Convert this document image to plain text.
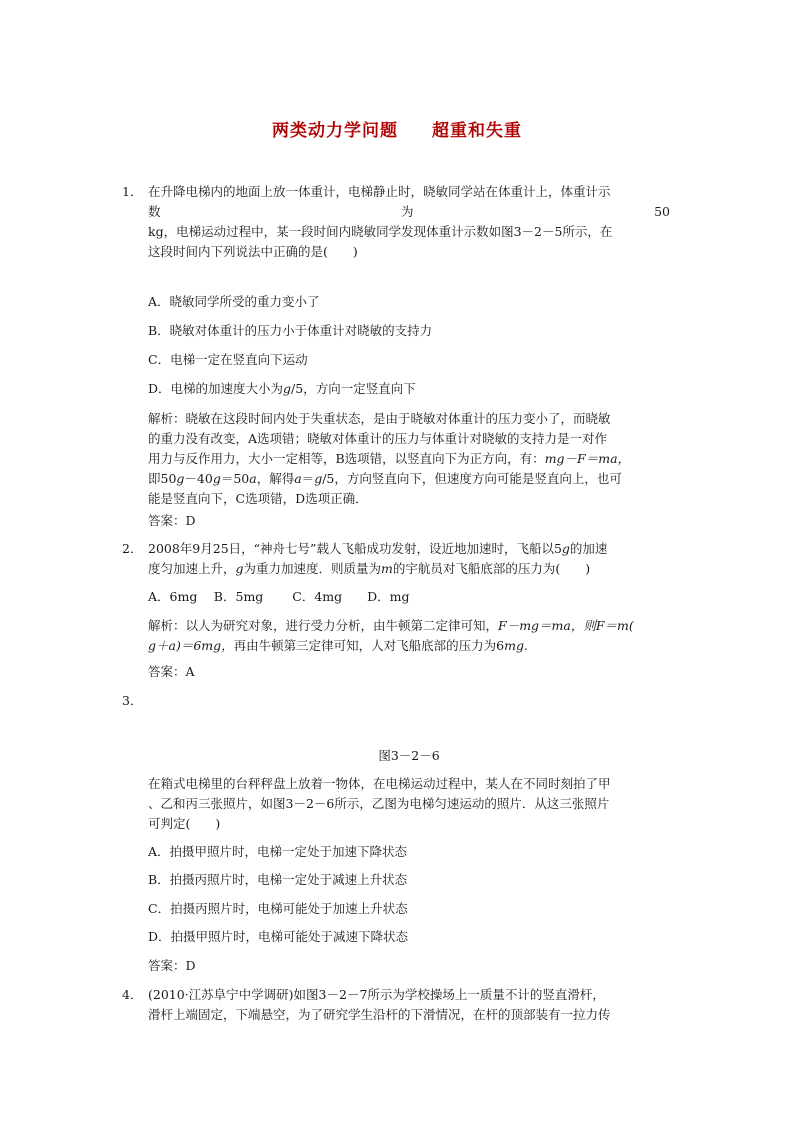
两类动力学问题 超重和失重
1． 在升降电梯内的地面上放一体重计，电梯静止时，晓敏同学站在体重计上，体重计示
数	为	50
kg，电梯运动过程中，某一段时间内晓敏同学发现体重计示数如图3－2－5所示，在
这段时间内下列说法中正确的是(　　)
A．晓敏同学所受的重力变小了
B．晓敏对体重计的压力小于体重计对晓敏的支持力
C．电梯一定在竖直向下运动
D．电梯的加速度大小为g/5，方向一定竖直向下
解析：晓敏在这段时间内处于失重状态，是由于晓敏对体重计的压力变小了，而晓敏
的重力没有改变，A选项错；晓敏对体重计的压力与体重计对晓敏的支持力是一对作
用力与反作用力，大小一定相等，B选项错，以竖直向下为正方向，有：mg－F＝ma，
即50g－40g＝50a，解得a＝g/5，方向竖直向下，但速度方向可能是竖直向上，也可
能是竖直向下，C选项错，D选项正确．
答案：D
2． 2008年9月25日，“神舟七号”载人飞船成功发射，设近地加速时，飞船以5g的加速
度匀加速上升，g为重力加速度．则质量为m的宇航员对飞船底部的压力为(　　)
A．6mg　 B．5mg　　 C．4mg　　D．mg
解析：以人为研究对象，进行受力分析，由牛顿第二定律可知，F－mg＝ma，则F＝m(
g＋a)＝6mg，再由牛顿第三定律可知，人对飞船底部的压力为6mg.
答案：A
3．
图3－2－6
在箱式电梯里的台秤秤盘上放着一物体，在电梯运动过程中，某人在不同时刻拍了甲
、乙和丙三张照片，如图3－2－6所示，乙图为电梯匀速运动的照片．从这三张照片
可判定(　　)
A．拍摄甲照片时，电梯一定处于加速下降状态
B．拍摄丙照片时，电梯一定处于减速上升状态
C．拍摄丙照片时，电梯可能处于加速上升状态
D．拍摄甲照片时，电梯可能处于减速下降状态
答案：D
4． (2010·江苏阜宁中学调研)如图3－2－7所示为学校操场上一质量不计的竖直滑杆，
滑杆上端固定，下端悬空，为了研究学生沿杆的下滑情况，在杆的顶部装有一拉力传
